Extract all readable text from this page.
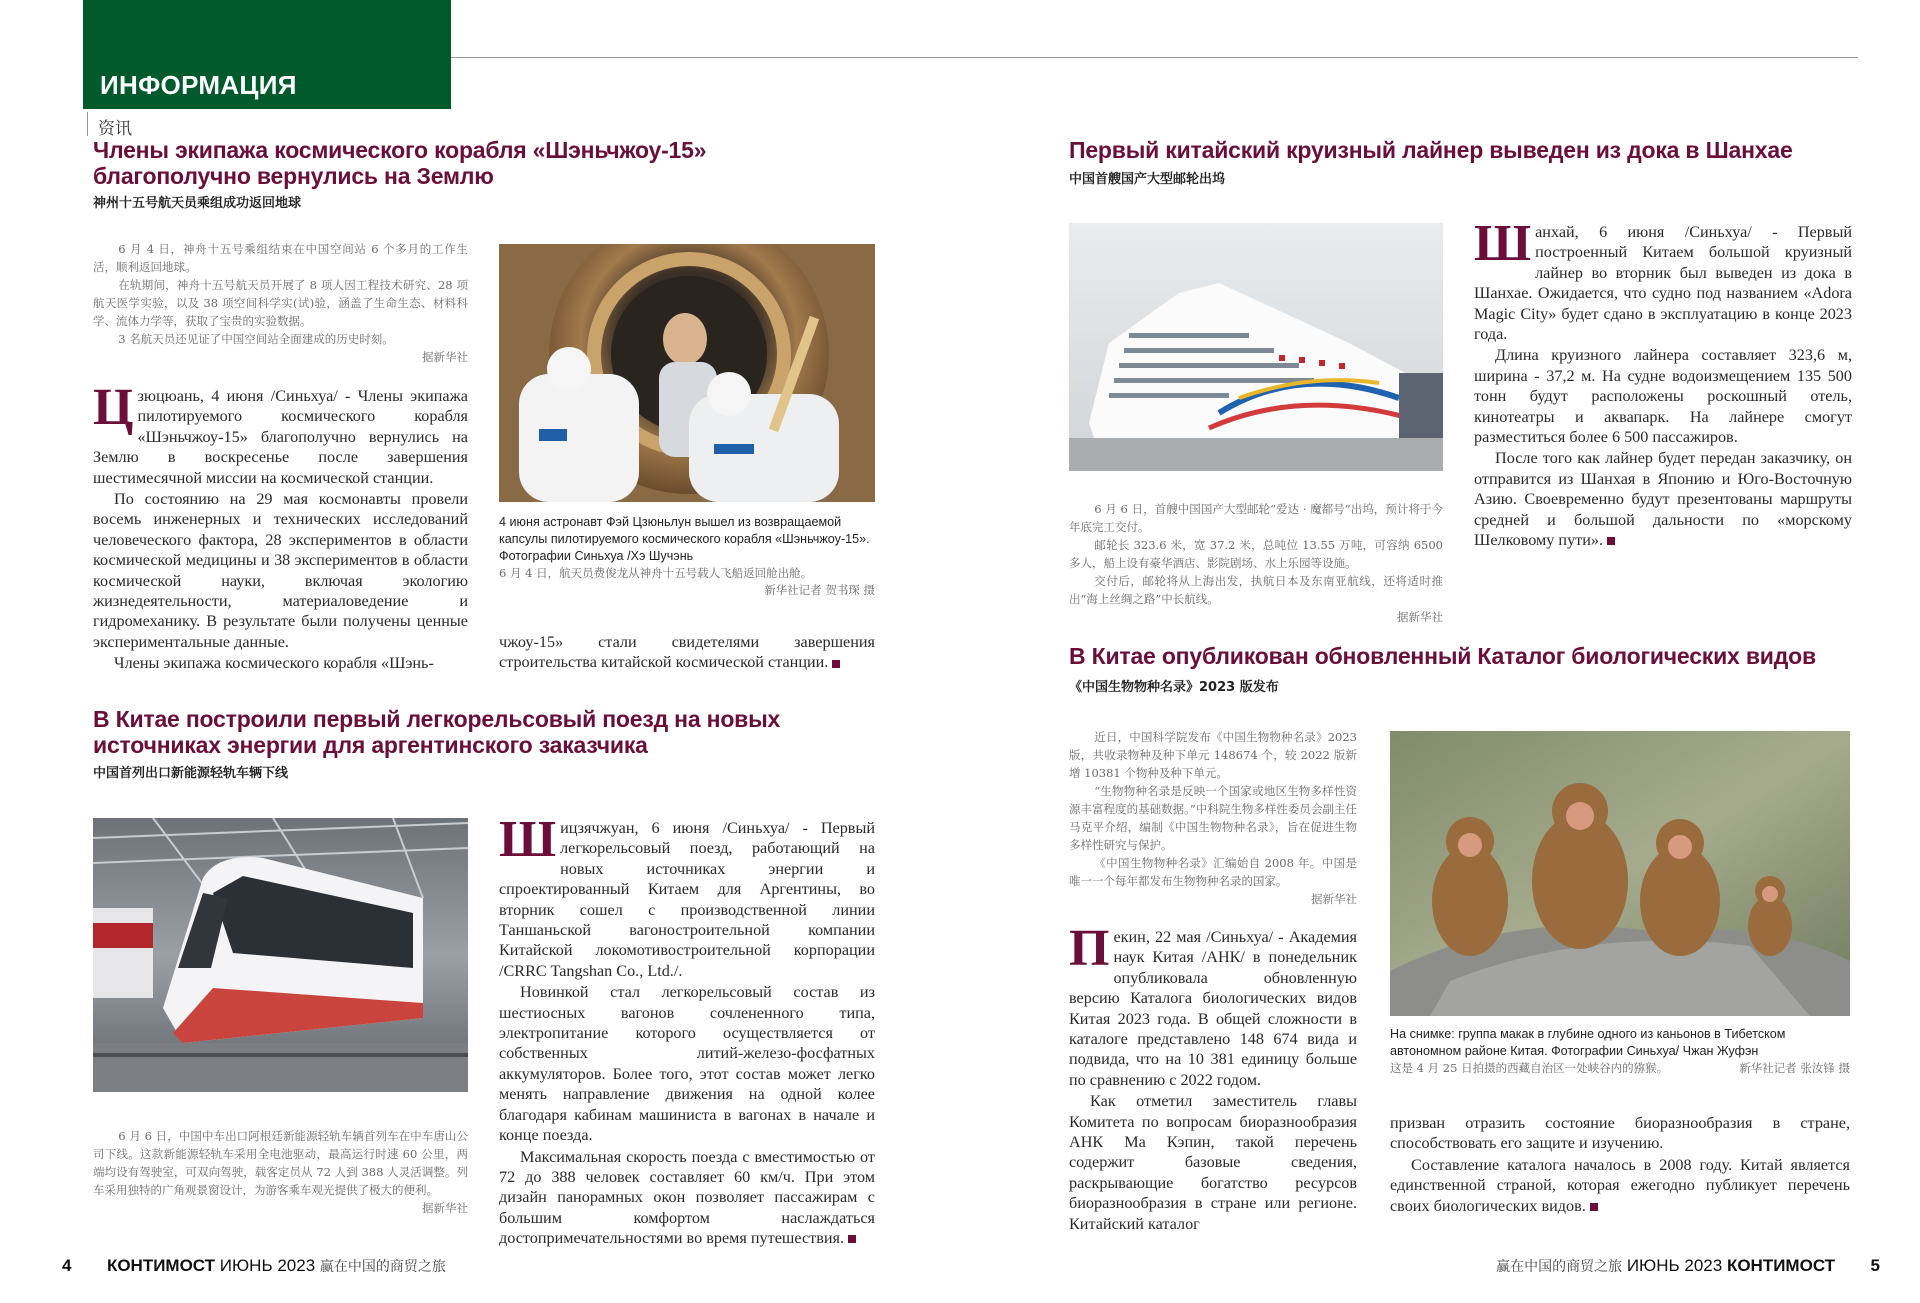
ИНФОРМАЦИЯ
资讯
Члены экипажа космического корабля «Шэньчжоу-15»
благополучно вернулись на Землю
神州十五号航天员乘组成功返回地球

6 月 4 日，神舟十五号乘组结束在中国空间站 6 个多月的工作生活，顺利返回地球。

在轨期间，神舟十五号航天员开展了 8 项人因工程技术研究、28 项航天医学实验，以及 38 项空间科学实(试)验，涵盖了生命生态、材料科学、流体力学等，获取了宝贵的实验数据。

3 名航天员还见证了中国空间站全面建成的历史时刻。

据新华社

Цзюцюань, 4 июня /Синьхуа/ - Члены экипажа пилотируемого космического корабля «Шэньчжоу-15» благополучно вернулись на Землю в воскресенье после завершения шестимесячной миссии на космической станции.

По состоянию на 29 мая космонавты провели восемь инженерных и технических исследований человеческого фактора, 28 экспериментов в области космической медицины и 38 экспериментов в области космической науки, включая экологию жизнедеятельности, материаловедение и гидромеханику. В результате были получены ценные экспериментальные данные.

Члены экипажа космического корабля «Шэнь-

4 июня астронавт Фэй Цзюньлун вышел из возвращаемой капсулы пилотируемого космического корабля «Шэньчжоу-15». Фотографии Синьхуа /Хэ Шучэнь
6 月 4 日，航天员费俊龙从神舟十五号载人飞船返回舱出舱。
新华社记者 贺书琛 摄

чжоу-15» стали свидетелями завершения строительства китайской космической станции.

В Китае построили первый легкорельсовый поезд на новых
источниках энергии для аргентинского заказчика
中国首列出口新能源轻轨车辆下线

6 月 6 日，中国中车出口阿根廷新能源轻轨车辆首列车在中车唐山公司下线。这款新能源轻轨车采用全电池驱动，最高运行时速 60 公里，两端均设有驾驶室，可双向驾驶，载客定员从 72 人到 388 人灵活调整。列车采用独特的广角观景窗设计，为游客乘车观光提供了极大的便利。

据新华社

Шицзячжуан, 6 июня /Синьхуа/ - Первый легкорельсовый поезд, работающий на новых источниках энергии и спроектированный Китаем для Аргентины, во вторник сошел с производственной линии Таншаньской вагоностроительной компании Китайской локомотивостроительной корпорации /CRRC Tangshan Co., Ltd./.

Новинкой стал легкорельсовый состав из шестиосных вагонов сочлененного типа, электропитание которого осуществляется от собственных литий-железо-фосфатных аккумуляторов. Более того, этот состав может легко менять направление движения на одной колее благодаря кабинам машиниста в вагонах в начале и конце поезда.

Максимальная скорость поезда с вместимостью от 72 до 388 человек составляет 60 км/ч. При этом дизайн панорамных окон позволяет пассажирам с большим комфортом наслаждаться достопримечательностями во время путешествия.

Первый китайский круизный лайнер выведен из дока в Шанхае
中国首艘国产大型邮轮出坞

Шанхай, 6 июня /Синьхуа/ - Первый построенный Китаем большой круизный лайнер во вторник был выведен из дока в Шанхае. Ожидается, что судно под названием «Adora Magic City» будет сдано в эксплуатацию в конце 2023 года.

Длина круизного лайнера составляет 323,6 м, ширина - 37,2 м. На судне водоизмещением 135 500 тонн будут расположены роскошный отель, кинотеатры и аквапарк. На лайнере смогут разместиться более 6 500 пассажиров.

После того как лайнер будет передан заказчику, он отправится из Шанхая в Японию и Юго-Восточную Азию. Своевременно будут презентованы маршруты средней и большой дальности по «морскому Шелковому пути».

6 月 6 日，首艘中国国产大型邮轮“爱达 · 魔都号”出坞，预计将于今年底完工交付。

邮轮长 323.6 米，宽 37.2 米，总吨位 13.55 万吨，可容纳 6500 多人，船上设有豪华酒店、影院剧场、水上乐园等设施。

交付后，邮轮将从上海出发，执航日本及东南亚航线，还将适时推出“海上丝绸之路”中长航线。

据新华社

В Китае опубликован обновленный Каталог биологических видов
《中国生物物种名录》2023 版发布

近日，中国科学院发布《中国生物物种名录》2023 版，共收录物种及种下单元 148674 个，较 2022 版新增 10381 个物种及种下单元。

“生物物种名录是反映一个国家或地区生物多样性资源丰富程度的基础数据。”中科院生物多样性委员会副主任马克平介绍，编制《中国生物物种名录》，旨在促进生物多样性研究与保护。

《中国生物物种名录》汇编始自 2008 年。中国是唯一一个每年都发布生物物种名录的国家。

据新华社

На снимке: группа макак в глубине одного из каньонов в Тибетском автономном районе Китая. Фотографии Синьхуа/ Чжан Жуфэн
这是 4 月 25 日拍摄的西藏自治区一处峡谷内的猕猴。	新华社记者 张汝锋 摄

Пекин, 22 мая /Синьхуа/ - Академия наук Китая /АНК/ в понедельник опубликовала обновленную версию Каталога биологических видов Китая 2023 года. В общей сложности в каталоге представлено 148 674 вида и подвида, что на 10 381 единицу больше по сравнению с 2022 годом.

Как отметил заместитель главы Комитета по вопросам биоразнообразия АНК Ма Кэпин, такой перечень содержит базовые сведения, раскрывающие богатство ресурсов биоразнообразия в стране или регионе. Китайский каталог

призван отразить состояние биоразнообразия в стране, способствовать его защите и изучению.

Составление каталога началось в 2008 году. Китай является единственной страной, которая ежегодно публикует перечень своих биологических видов.

4 КОНТИМОСТ ИЮНЬ 2023 赢在中国的商贸之旅	赢在中国的商贸之旅 ИЮНЬ 2023 КОНТИМОСТ 5
